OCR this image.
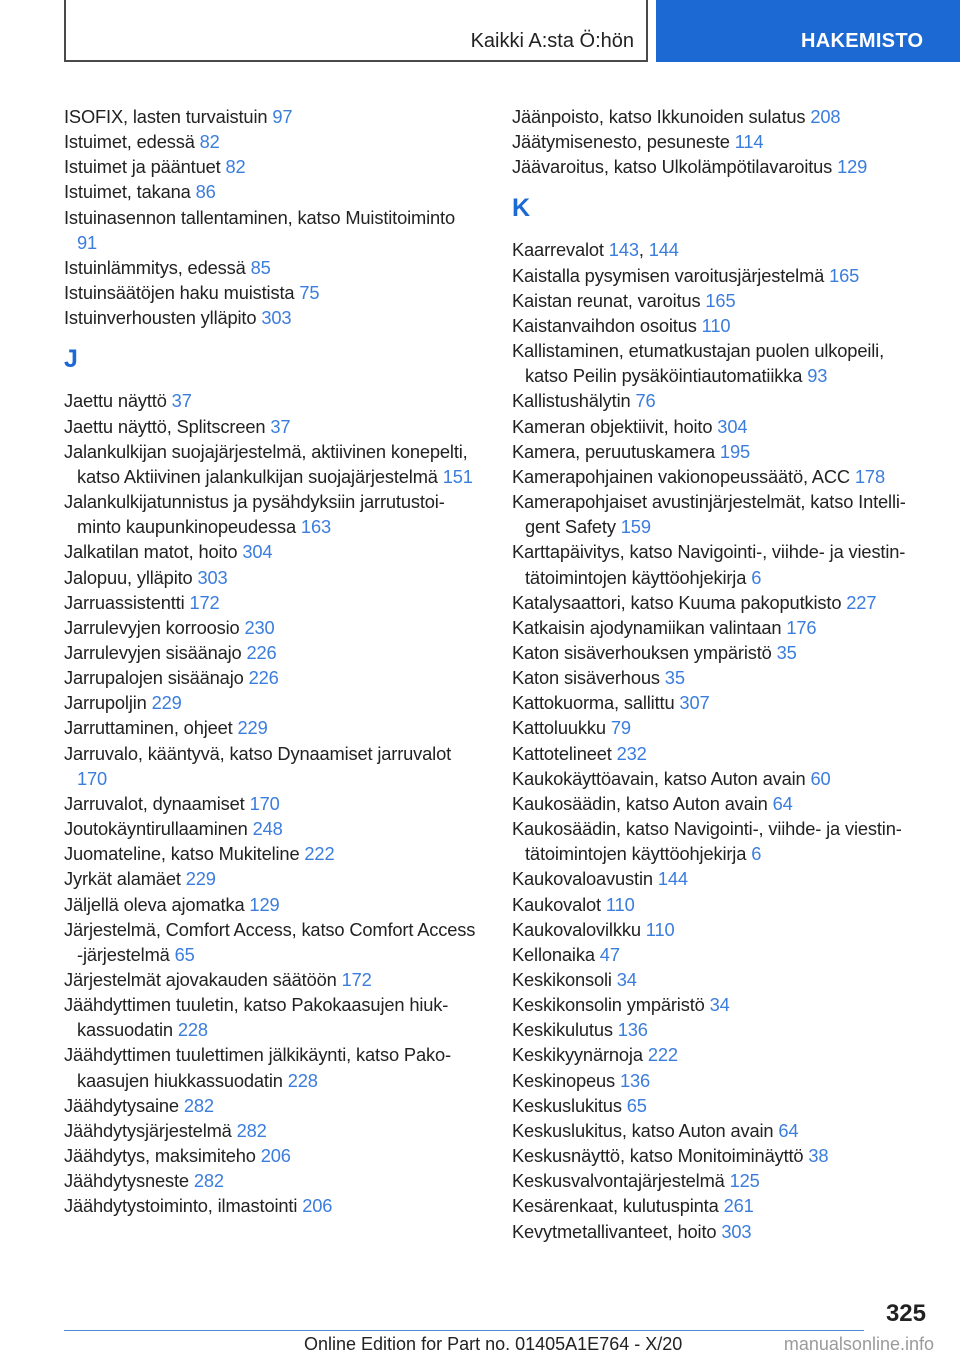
Kaikki A:sta Ö:hön	HAKEMISTO
ISOFIX, lasten turvaistuin 97
Istuimet, edessä 82
Istuimet ja pääntuet 82
Istuimet, takana 86
Istuinasennon tallentaminen, katso Muistitoiminto 91
Istuinlämmitys, edessä 85
Istuinsäätöjen haku muistista 75
Istuinverhousten ylläpito 303
J
Jaettu näyttö 37
Jaettu näyttö, Splitscreen 37
Jalankulkijan suojajärjestelmä, aktiivinen konepelti, katso Aktiivinen jalankulkijan suojajärjestelmä 151
Jalankulkijatunnistus ja pysähdyksiin jarrutustoiminto kaupunkinopeudessa 163
Jalkatilan matot, hoito 304
Jalopuu, ylläpito 303
Jarruassistentti 172
Jarrulevyjen korroosio 230
Jarrulevyjen sisäänajo 226
Jarrupalojen sisäänajo 226
Jarrupoljin 229
Jarruttaminen, ohjeet 229
Jarruvalo, kääntyvä, katso Dynaamiset jarruvalot 170
Jarruvalot, dynaamiset 170
Joutokäyntirullaaminen 248
Juomateline, katso Mukiteline 222
Jyrkät alamäet 229
Jäljellä oleva ajomatka 129
Järjestelmä, Comfort Access, katso Comfort Access -järjestelmä 65
Järjestelmät ajovakauden säätöön 172
Jäähdyttimen tuuletin, katso Pakokaasujen hiukkassuodatin 228
Jäähdyttimen tuulettimen jälkikäynti, katso Pakokaasujen hiukkassuodatin 228
Jäähdytysaine 282
Jäähdytysjärjestelmä 282
Jäähdytys, maksimiteho 206
Jäähdytysneste 282
Jäähdytystoiminto, ilmastointi 206
Jäänpoisto, katso Ikkunoiden sulatus 208
Jäätymisenesto, pesuneste 114
Jäävaroitus, katso Ulkolämpötilavaroitus 129
K
Kaarrevalot 143, 144
Kaistalla pysymisen varoitusjärjestelmä 165
Kaistan reunat, varoitus 165
Kaistanvaihdon osoitus 110
Kallistaminen, etumatkustajan puolen ulkopeili, katso Peilin pysäköintiautomatiikka 93
Kallistushälytin 76
Kameran objektiivit, hoito 304
Kamera, peruutuskamera 195
Kamerapohjainen vakionopeussäätö, ACC 178
Kamerapohjaiset avustinjärjestelmät, katso Intelligent Safety 159
Karttapäivitys, katso Navigointi-, viihde- ja viestintätoimintojen käyttöohjekirja 6
Katalysaattori, katso Kuuma pakoputkisto 227
Katkaisin ajodynamiikan valintaan 176
Katon sisäverhouksen ympäristö 35
Katon sisäverhous 35
Kattokuorma, sallittu 307
Kattoluukku 79
Kattotelineet 232
Kaukokäyttöavain, katso Auton avain 60
Kaukosäädin, katso Auton avain 64
Kaukosäädin, katso Navigointi-, viihde- ja viestintätoimintojen käyttöohjekirja 6
Kaukovaloavustin 144
Kaukovalot 110
Kaukovalovilkku 110
Kellonaika 47
Keskikonsoli 34
Keskikonsolin ympäristö 34
Keskikulutus 136
Keskikyynärnoja 222
Keskinopeus 136
Keskuslukitus 65
Keskuslukitus, katso Auton avain 64
Keskusnäyttö, katso Monitoiminäyttö 38
Keskusvalvontajärjestelmä 125
Kesärenkaat, kulutuspinta 261
Kevytmetallivanteet, hoito 303
325
Online Edition for Part no. 01405A1E764 - X/20	manualsonline.info
